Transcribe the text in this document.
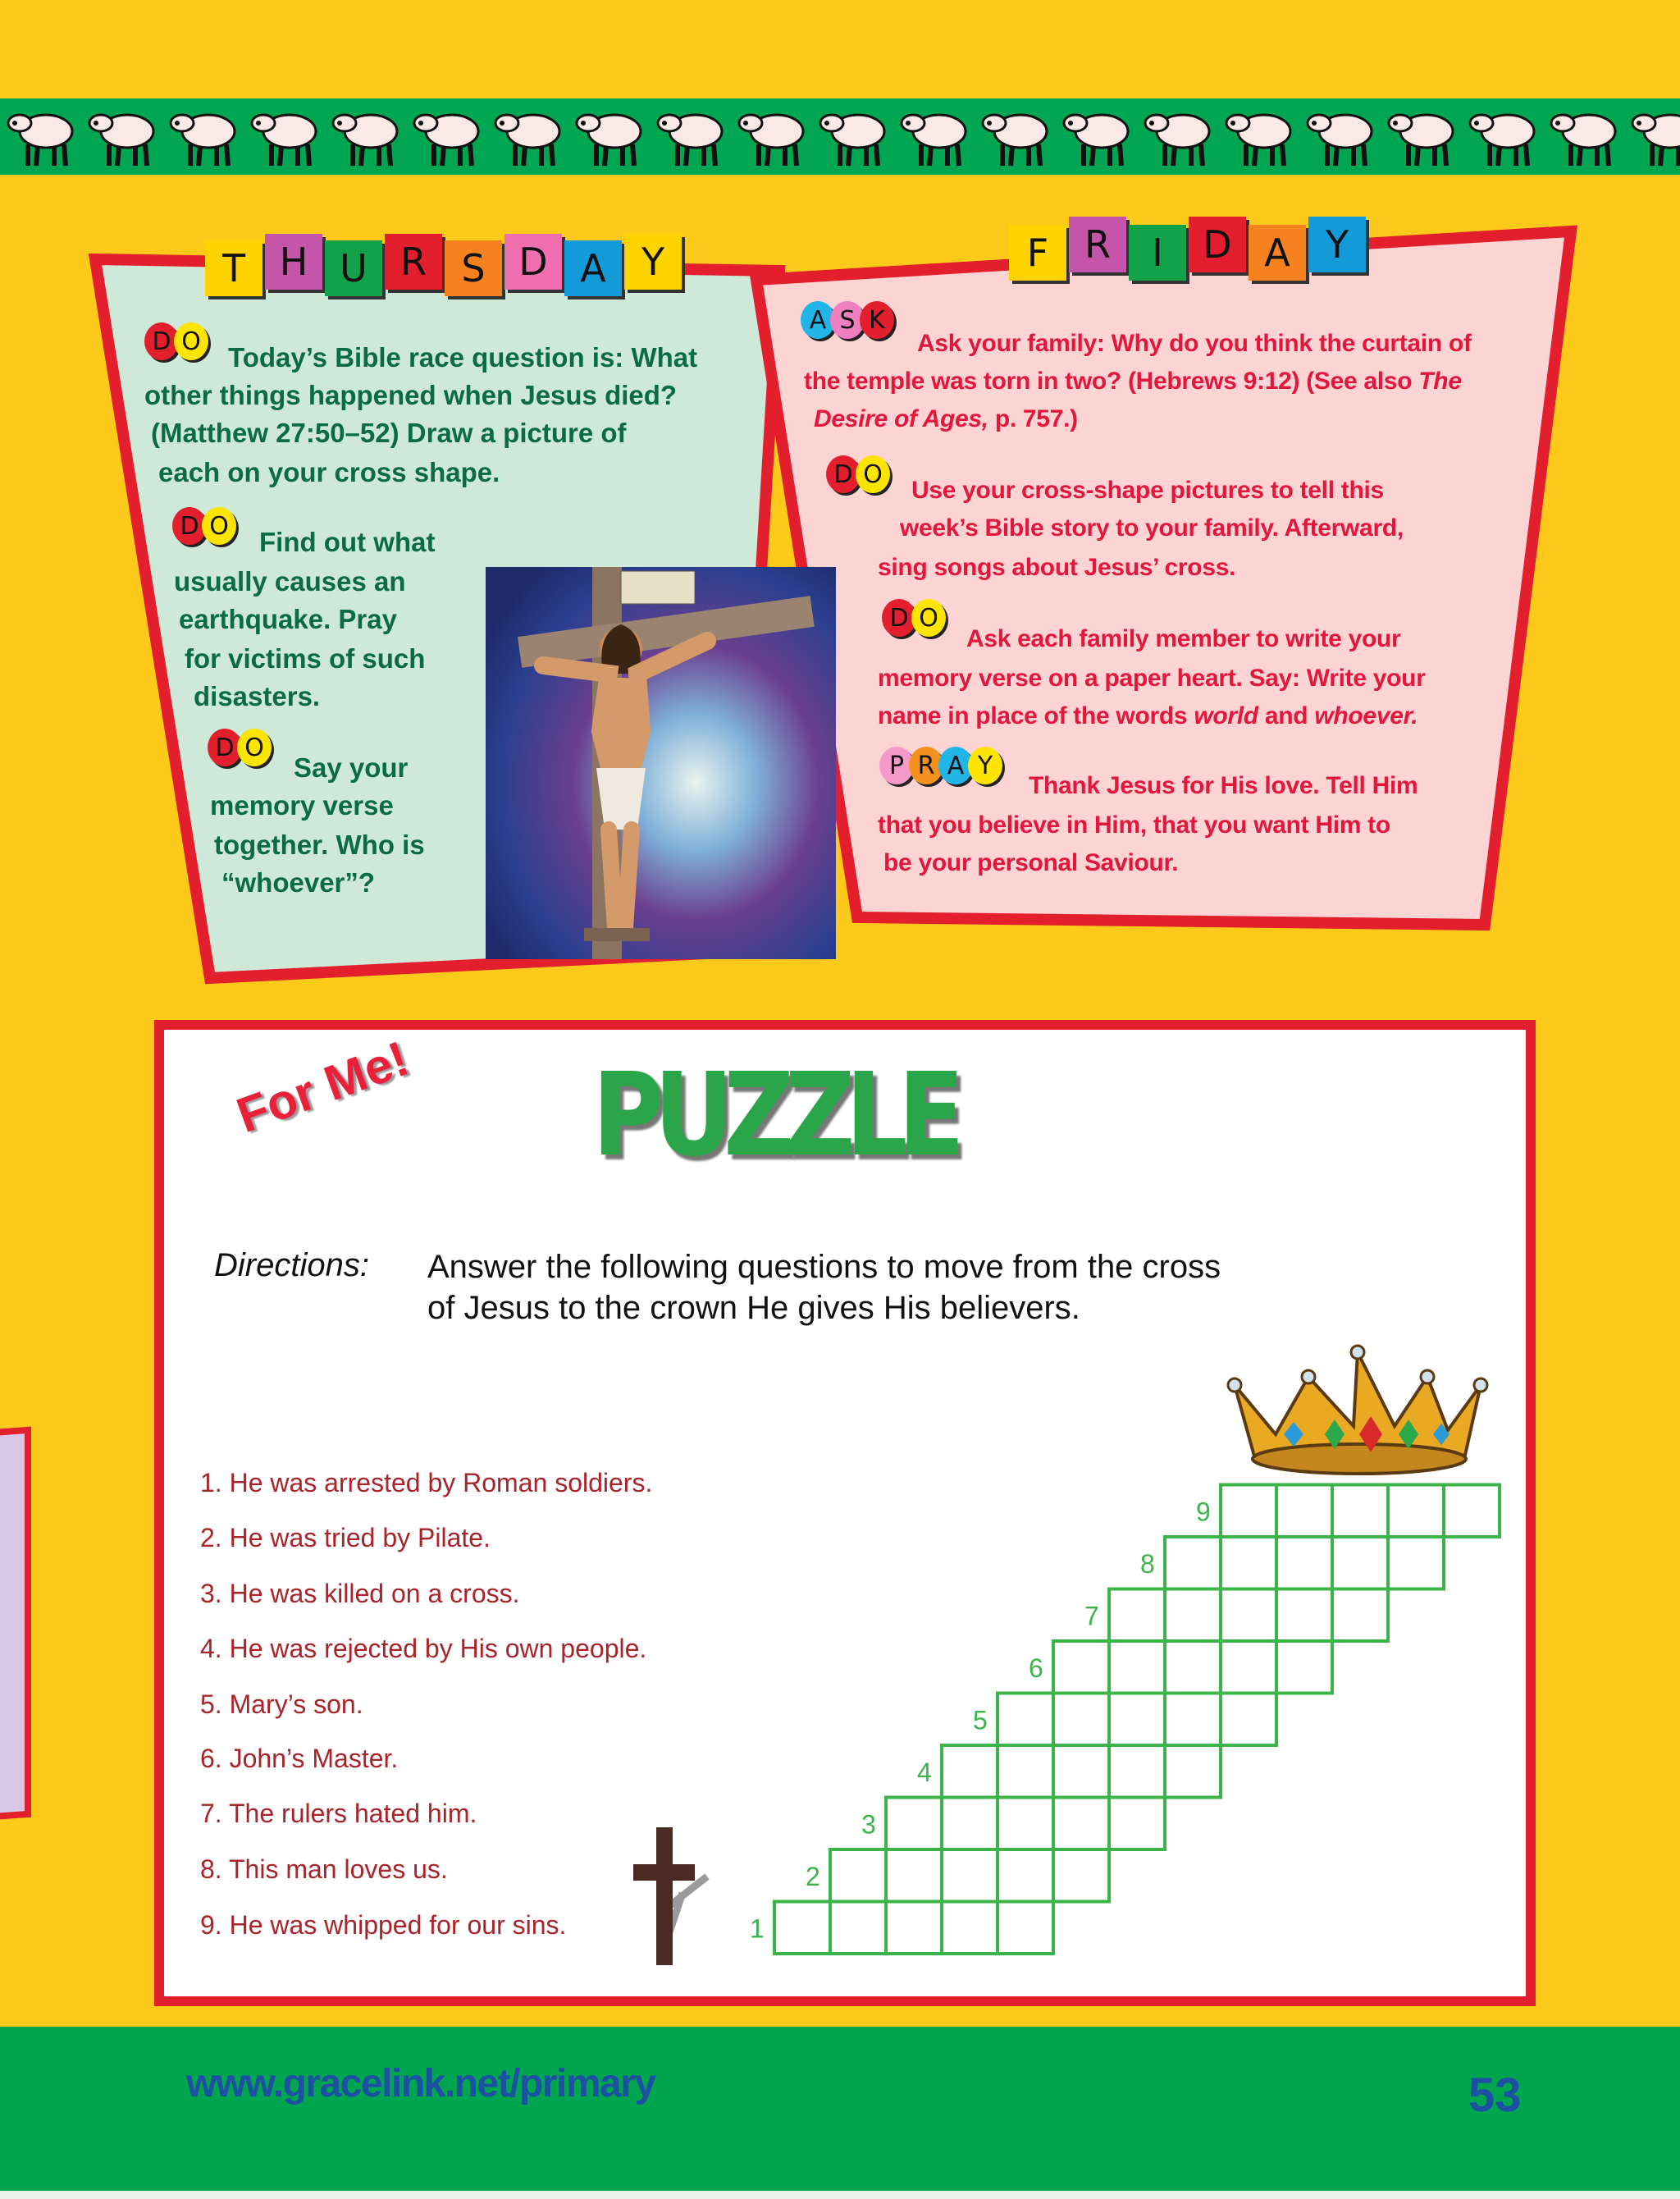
T H U R S D A Y	F R	I	D A Y
D O
D O
D O
A S K
D O
D O
P R A Y
Today’s Bible race question is: What
other things happened when Jesus died?
(Matthew 27:50–52) Draw a picture of
each on your cross shape.
Find out what
usually causes an
earthquake. Pray
for victims of such
disasters.
Say your
memory verse
together. Who is
“whoever”?
Ask your family: Why do you think the curtain of
the temple was torn in two? (Hebrews 9:12) (See also The
Desire of Ages, p. 757.)
Use your cross-shape pictures to tell this
week’s Bible story to your family. Afterward,
sing songs about Jesus’ cross.
Ask each family member to write your
memory verse on a paper heart. Say: Write your
name in place of the words world and whoever.
Thank Jesus for His love. Tell Him
that you believe in Him, that you want Him to
be your personal Saviour.
1
2
3
4
5
6
7
8
9
www.gracelink.net/primary	53
For Me! PUZZLE
Directions: Answer the following questions to move from the cross
of Jesus to the crown He gives His believers.
1. He was arrested by Roman soldiers.
2. He was tried by Pilate.
3. He was killed on a cross.
4. He was rejected by His own people.
5. Mary’s son.
6. John’s Master.
7. The rulers hated him.
8. This man loves us.
9. He was whipped for our sins.
